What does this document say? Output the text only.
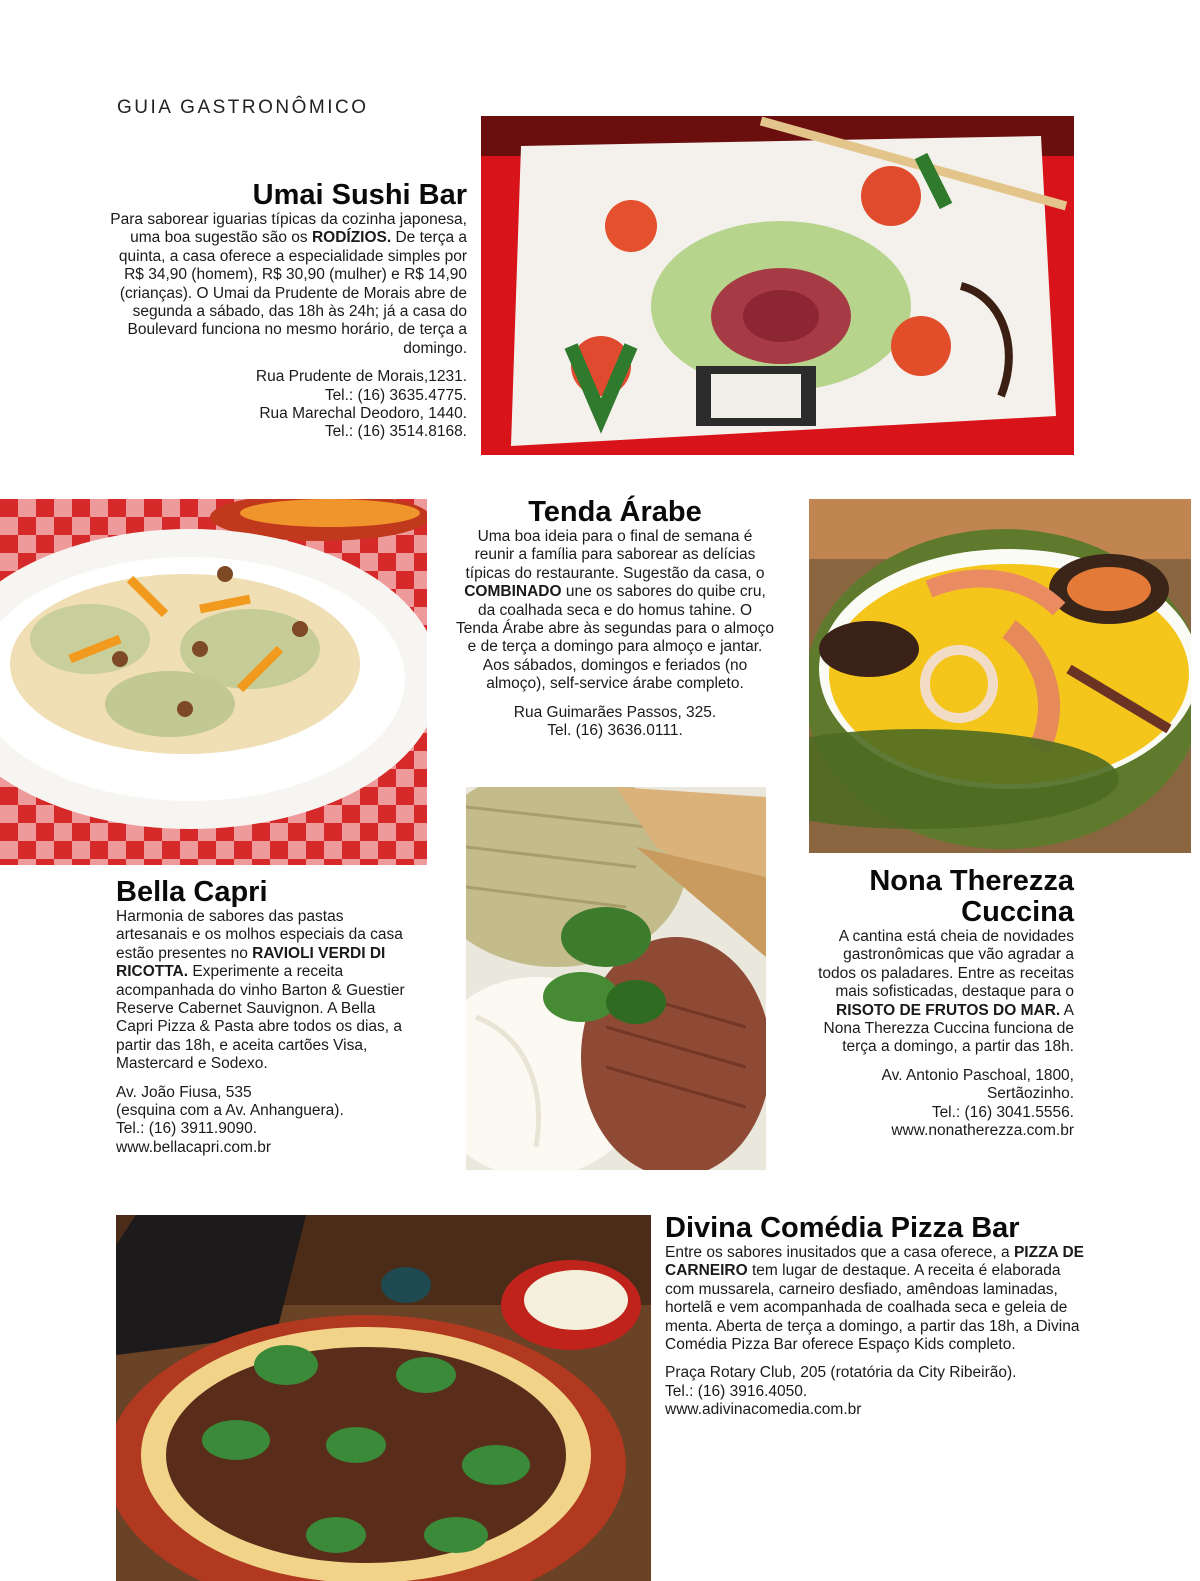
GUIA GASTRONÔMICO
Umai Sushi Bar

Para saborear iguarias típicas da cozinha japonesa, uma boa sugestão são os RODÍZIOS. De terça a quinta, a casa oferece a especialidade simples por R$ 34,90 (homem), R$ 30,90 (mulher) e R$ 14,90 (crianças). O Umai da Prudente de Morais abre de segunda a sábado, das 18h às 24h; já a casa do Boulevard funciona no mesmo horário, de terça a domingo.

Rua Prudente de Morais,1231.
Tel.: (16) 3635.4775.
Rua Marechal Deodoro, 1440.
Tel.: (16) 3514.8168.
Tenda Árabe

Uma boa ideia para o final de semana é reunir a família para saborear as delícias típicas do restaurante. Sugestão da casa, o COMBINADO une os sabores do quibe cru, da coalhada seca e do homus tahine. O Tenda Árabe abre às segundas para o almoço e de terça a domingo para almoço e jantar. Aos sábados, domingos e feriados (no almoço), self-service árabe completo.

Rua Guimarães Passos, 325.
Tel. (16) 3636.0111.
Bella Capri

Harmonia de sabores das pastas artesanais e os molhos especiais da casa estão presentes no RAVIOLI VERDI DI RICOTTA. Experimente a receita acompanhada do vinho Barton & Guestier Reserve Cabernet Sauvignon. A Bella Capri Pizza & Pasta abre todos os dias, a partir das 18h, e aceita cartões Visa, Mastercard e Sodexo.

Av. João Fiusa, 535
(esquina com a Av. Anhanguera).
Tel.: (16) 3911.9090.
www.bellacapri.com.br
Nona Therezza
Cuccina

A cantina está cheia de novidades gastronômicas que vão agradar a todos os paladares. Entre as receitas mais sofisticadas, destaque para o RISOTO DE FRUTOS DO MAR. A Nona Therezza Cuccina funciona de terça a domingo, a partir das 18h.

Av. Antonio Paschoal, 1800,
Sertãozinho.
Tel.: (16) 3041.5556.
www.nonatherezza.com.br
Divina Comédia Pizza Bar

Entre os sabores inusitados que a casa oferece, a PIZZA DE CARNEIRO tem lugar de destaque. A receita é elaborada com mussarela, carneiro desfiado, amêndoas laminadas, hortelã e vem acompanhada de coalhada seca e geleia de menta. Aberta de terça a domingo, a partir das 18h, a Divina Comédia Pizza Bar oferece Espaço Kids completo.

Praça Rotary Club, 205 (rotatória da City Ribeirão).
Tel.: (16) 3916.4050.
www.adivinacomedia.com.br
